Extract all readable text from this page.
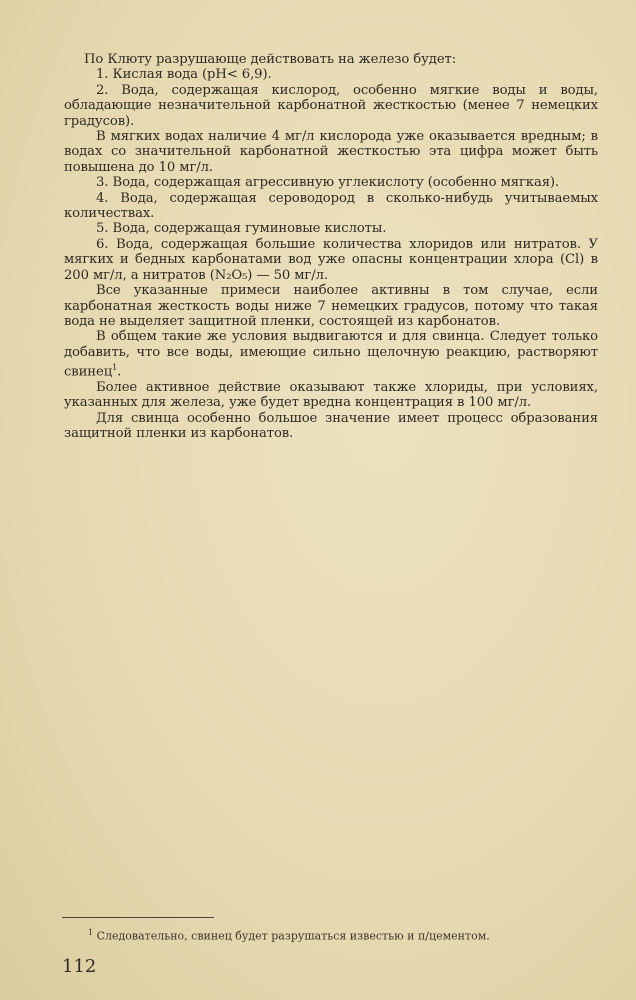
По Клюту разрушающе действовать на железо будет:

1. Кислая вода (pH< 6,9).

2. Вода, содержащая кислород, особенно мягкие воды и воды, обладающие незначительной карбонатной жесткостью (менее 7 немецких градусов).

В мягких водах наличие 4 мг/л кислорода уже оказывается вредным; в водах со значительной карбонатной жесткостью эта цифра может быть повышена до 10 мг/л.

3. Вода, содержащая агрессивную углекислоту (особенно мягкая).

4. Вода, содержащая сероводород в сколько-нибудь учитываемых количествах.

5. Вода, содержащая гуминовые кислоты.

6. Вода, содержащая большие количества хлоридов или нитратов. У мягких и бедных карбонатами вод уже опасны концентрации хлора (Cl) в 200 мг/л, а нитратов (N₂O₅) — 50 мг/л.

Все указанные примеси наиболее активны в том случае, если карбонатная жесткость воды ниже 7 немецких градусов, потому что такая вода не выделяет защитной пленки, состоящей из карбонатов.

В общем такие же условия выдвигаются и для свинца. Следует только добавить, что все воды, имеющие сильно щелочную реакцию, растворяют свинец$^1$.

Более активное действие оказывают также хлориды, при условиях, указанных для железа, уже будет вредна концентрация в 100 мг/л.

Для свинца особенно большое значение имеет процесс образования защитной пленки из карбонатов.

$^1$ Следовательно, свинец будет разрушаться известью и п/цементом.
112
